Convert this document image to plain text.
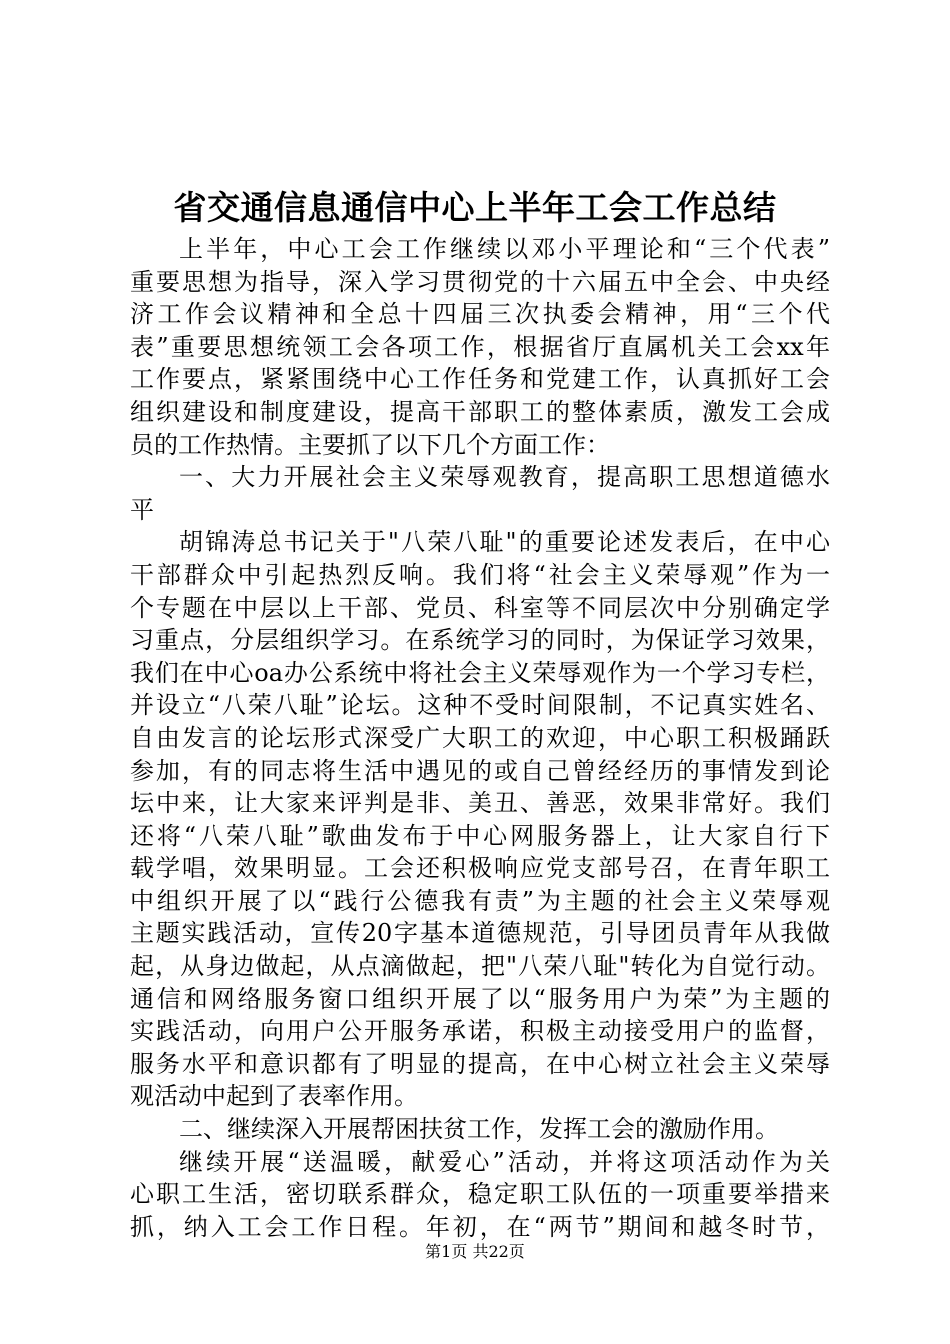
省交通信息通信中心上半年工会工作总结
上半年，中心工会工作继续以邓小平理论和“三个代表”
重要思想为指导，深入学习贯彻党的十六届五中全会、中央经
济工作会议精神和全总十四届三次执委会精神，用“三个代
表”重要思想统领工会各项工作，根据省厅直属机关工会xx年
工作要点，紧紧围绕中心工作任务和党建工作，认真抓好工会
组织建设和制度建设，提高干部职工的整体素质，激发工会成
员的工作热情。主要抓了以下几个方面工作：
一、大力开展社会主义荣辱观教育，提高职工思想道德水
平
胡锦涛总书记关于"八荣八耻"的重要论述发表后，在中心
干部群众中引起热烈反响。我们将“社会主义荣辱观”作为一
个专题在中层以上干部、党员、科室等不同层次中分别确定学
习重点，分层组织学习。在系统学习的同时，为保证学习效果，
我们在中心oa办公系统中将社会主义荣辱观作为一个学习专栏，
并设立“八荣八耻”论坛。这种不受时间限制，不记真实姓名、
自由发言的论坛形式深受广大职工的欢迎，中心职工积极踊跃
参加，有的同志将生活中遇见的或自己曾经经历的事情发到论
坛中来，让大家来评判是非、美丑、善恶，效果非常好。我们
还将“八荣八耻”歌曲发布于中心网服务器上，让大家自行下
载学唱，效果明显。工会还积极响应党支部号召，在青年职工
中组织开展了以“践行公德我有责”为主题的社会主义荣辱观
主题实践活动，宣传20字基本道德规范，引导团员青年从我做
起，从身边做起，从点滴做起，把"八荣八耻"转化为自觉行动。
通信和网络服务窗口组织开展了以“服务用户为荣”为主题的
实践活动，向用户公开服务承诺，积极主动接受用户的监督，
服务水平和意识都有了明显的提高，在中心树立社会主义荣辱
观活动中起到了表率作用。
二、继续深入开展帮困扶贫工作，发挥工会的激励作用。
继续开展“送温暖，献爱心”活动，并将这项活动作为关
心职工生活，密切联系群众，稳定职工队伍的一项重要举措来
抓，纳入工会工作日程。年初，在“两节”期间和越冬时节，
第1页 共22页
